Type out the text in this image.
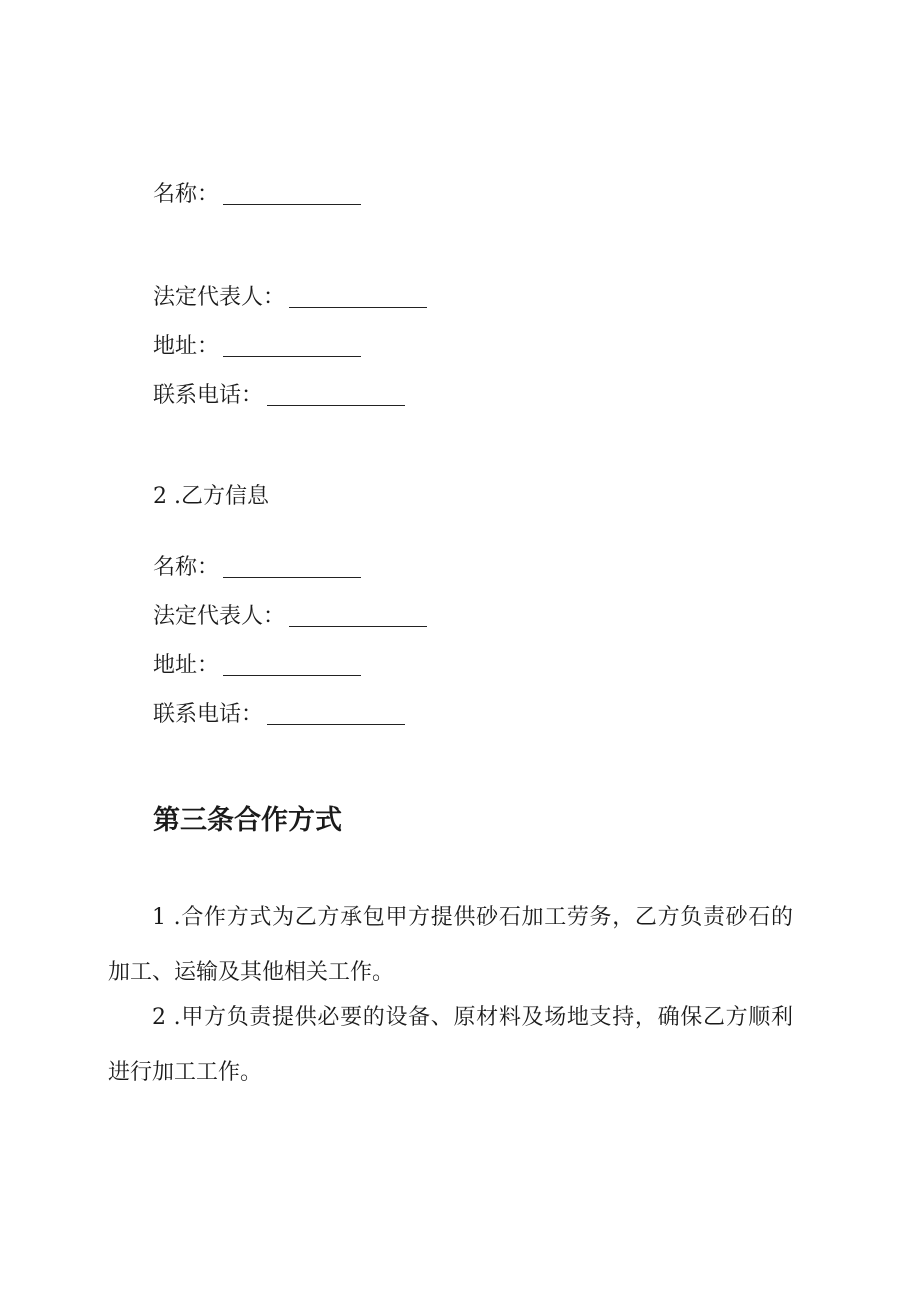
名称：
法定代表人：
地址：
联系电话：
2 .乙方信息
名称：
法定代表人：
地址：
联系电话：
第三条合作方式
1 .合作方式为乙方承包甲方提供砂石加工劳务，乙方负责砂石的加工、运输及其他相关工作。
2 .甲方负责提供必要的设备、原材料及场地支持，确保乙方顺利进行加工工作。
